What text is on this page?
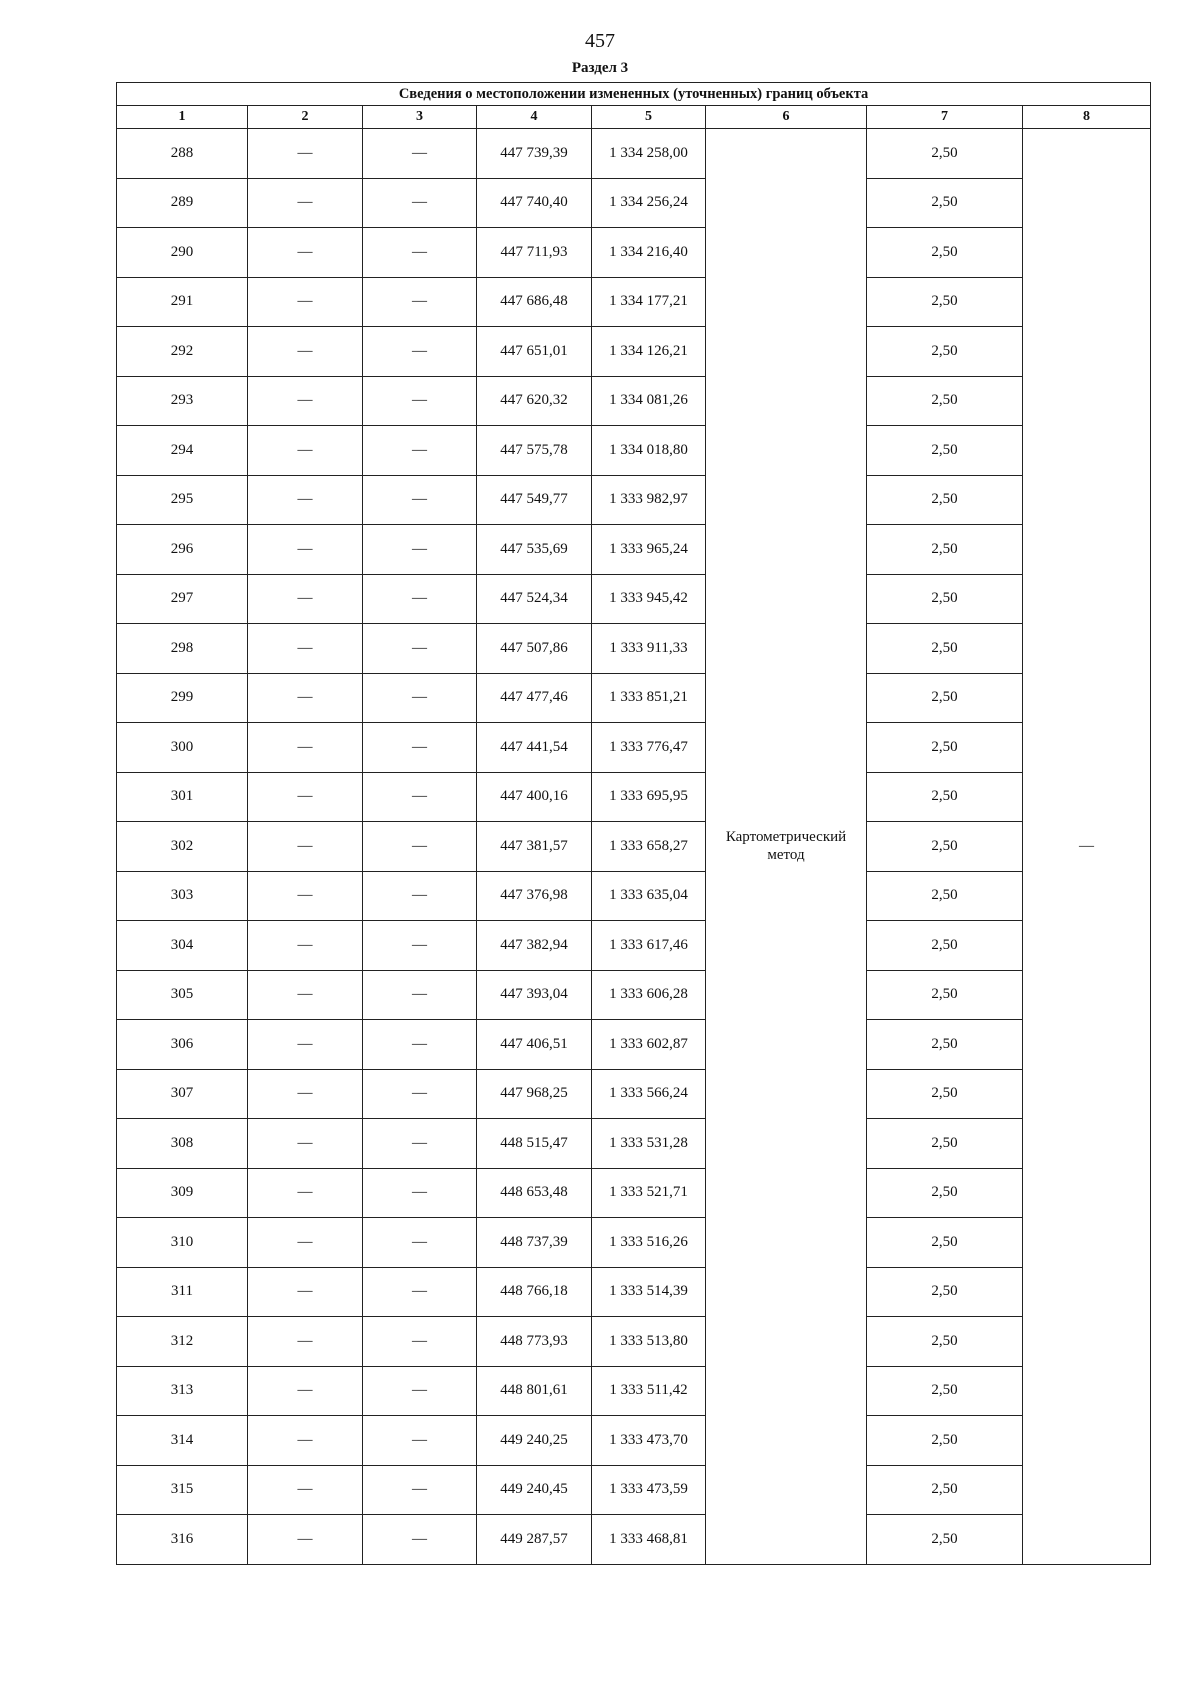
457
Раздел 3
Сведения о местоположении измененных (уточненных) границ объекта							
1	2	3	4	5	6	7	8
288	—	—	447 739,39	1 334 258,00	Картометрический метод	2,50	—
289	—	—	447 740,40	1 334 256,24		2,50	
290	—	—	447 711,93	1 334 216,40		2,50	
291	—	—	447 686,48	1 334 177,21		2,50	
292	—	—	447 651,01	1 334 126,21		2,50	
293	—	—	447 620,32	1 334 081,26		2,50	
294	—	—	447 575,78	1 334 018,80		2,50	
295	—	—	447 549,77	1 333 982,97		2,50	
296	—	—	447 535,69	1 333 965,24		2,50	
297	—	—	447 524,34	1 333 945,42		2,50	
298	—	—	447 507,86	1 333 911,33		2,50	
299	—	—	447 477,46	1 333 851,21		2,50	
300	—	—	447 441,54	1 333 776,47		2,50	
301	—	—	447 400,16	1 333 695,95		2,50	
302	—	—	447 381,57	1 333 658,27		2,50	
303	—	—	447 376,98	1 333 635,04		2,50	
304	—	—	447 382,94	1 333 617,46		2,50	
305	—	—	447 393,04	1 333 606,28		2,50	
306	—	—	447 406,51	1 333 602,87		2,50	
307	—	—	447 968,25	1 333 566,24		2,50	
308	—	—	448 515,47	1 333 531,28		2,50	
309	—	—	448 653,48	1 333 521,71		2,50	
310	—	—	448 737,39	1 333 516,26		2,50	
311	—	—	448 766,18	1 333 514,39		2,50	
312	—	—	448 773,93	1 333 513,80		2,50	
313	—	—	448 801,61	1 333 511,42		2,50	
314	—	—	449 240,25	1 333 473,70		2,50	
315	—	—	449 240,45	1 333 473,59		2,50	
316	—	—	449 287,57	1 333 468,81		2,50	
